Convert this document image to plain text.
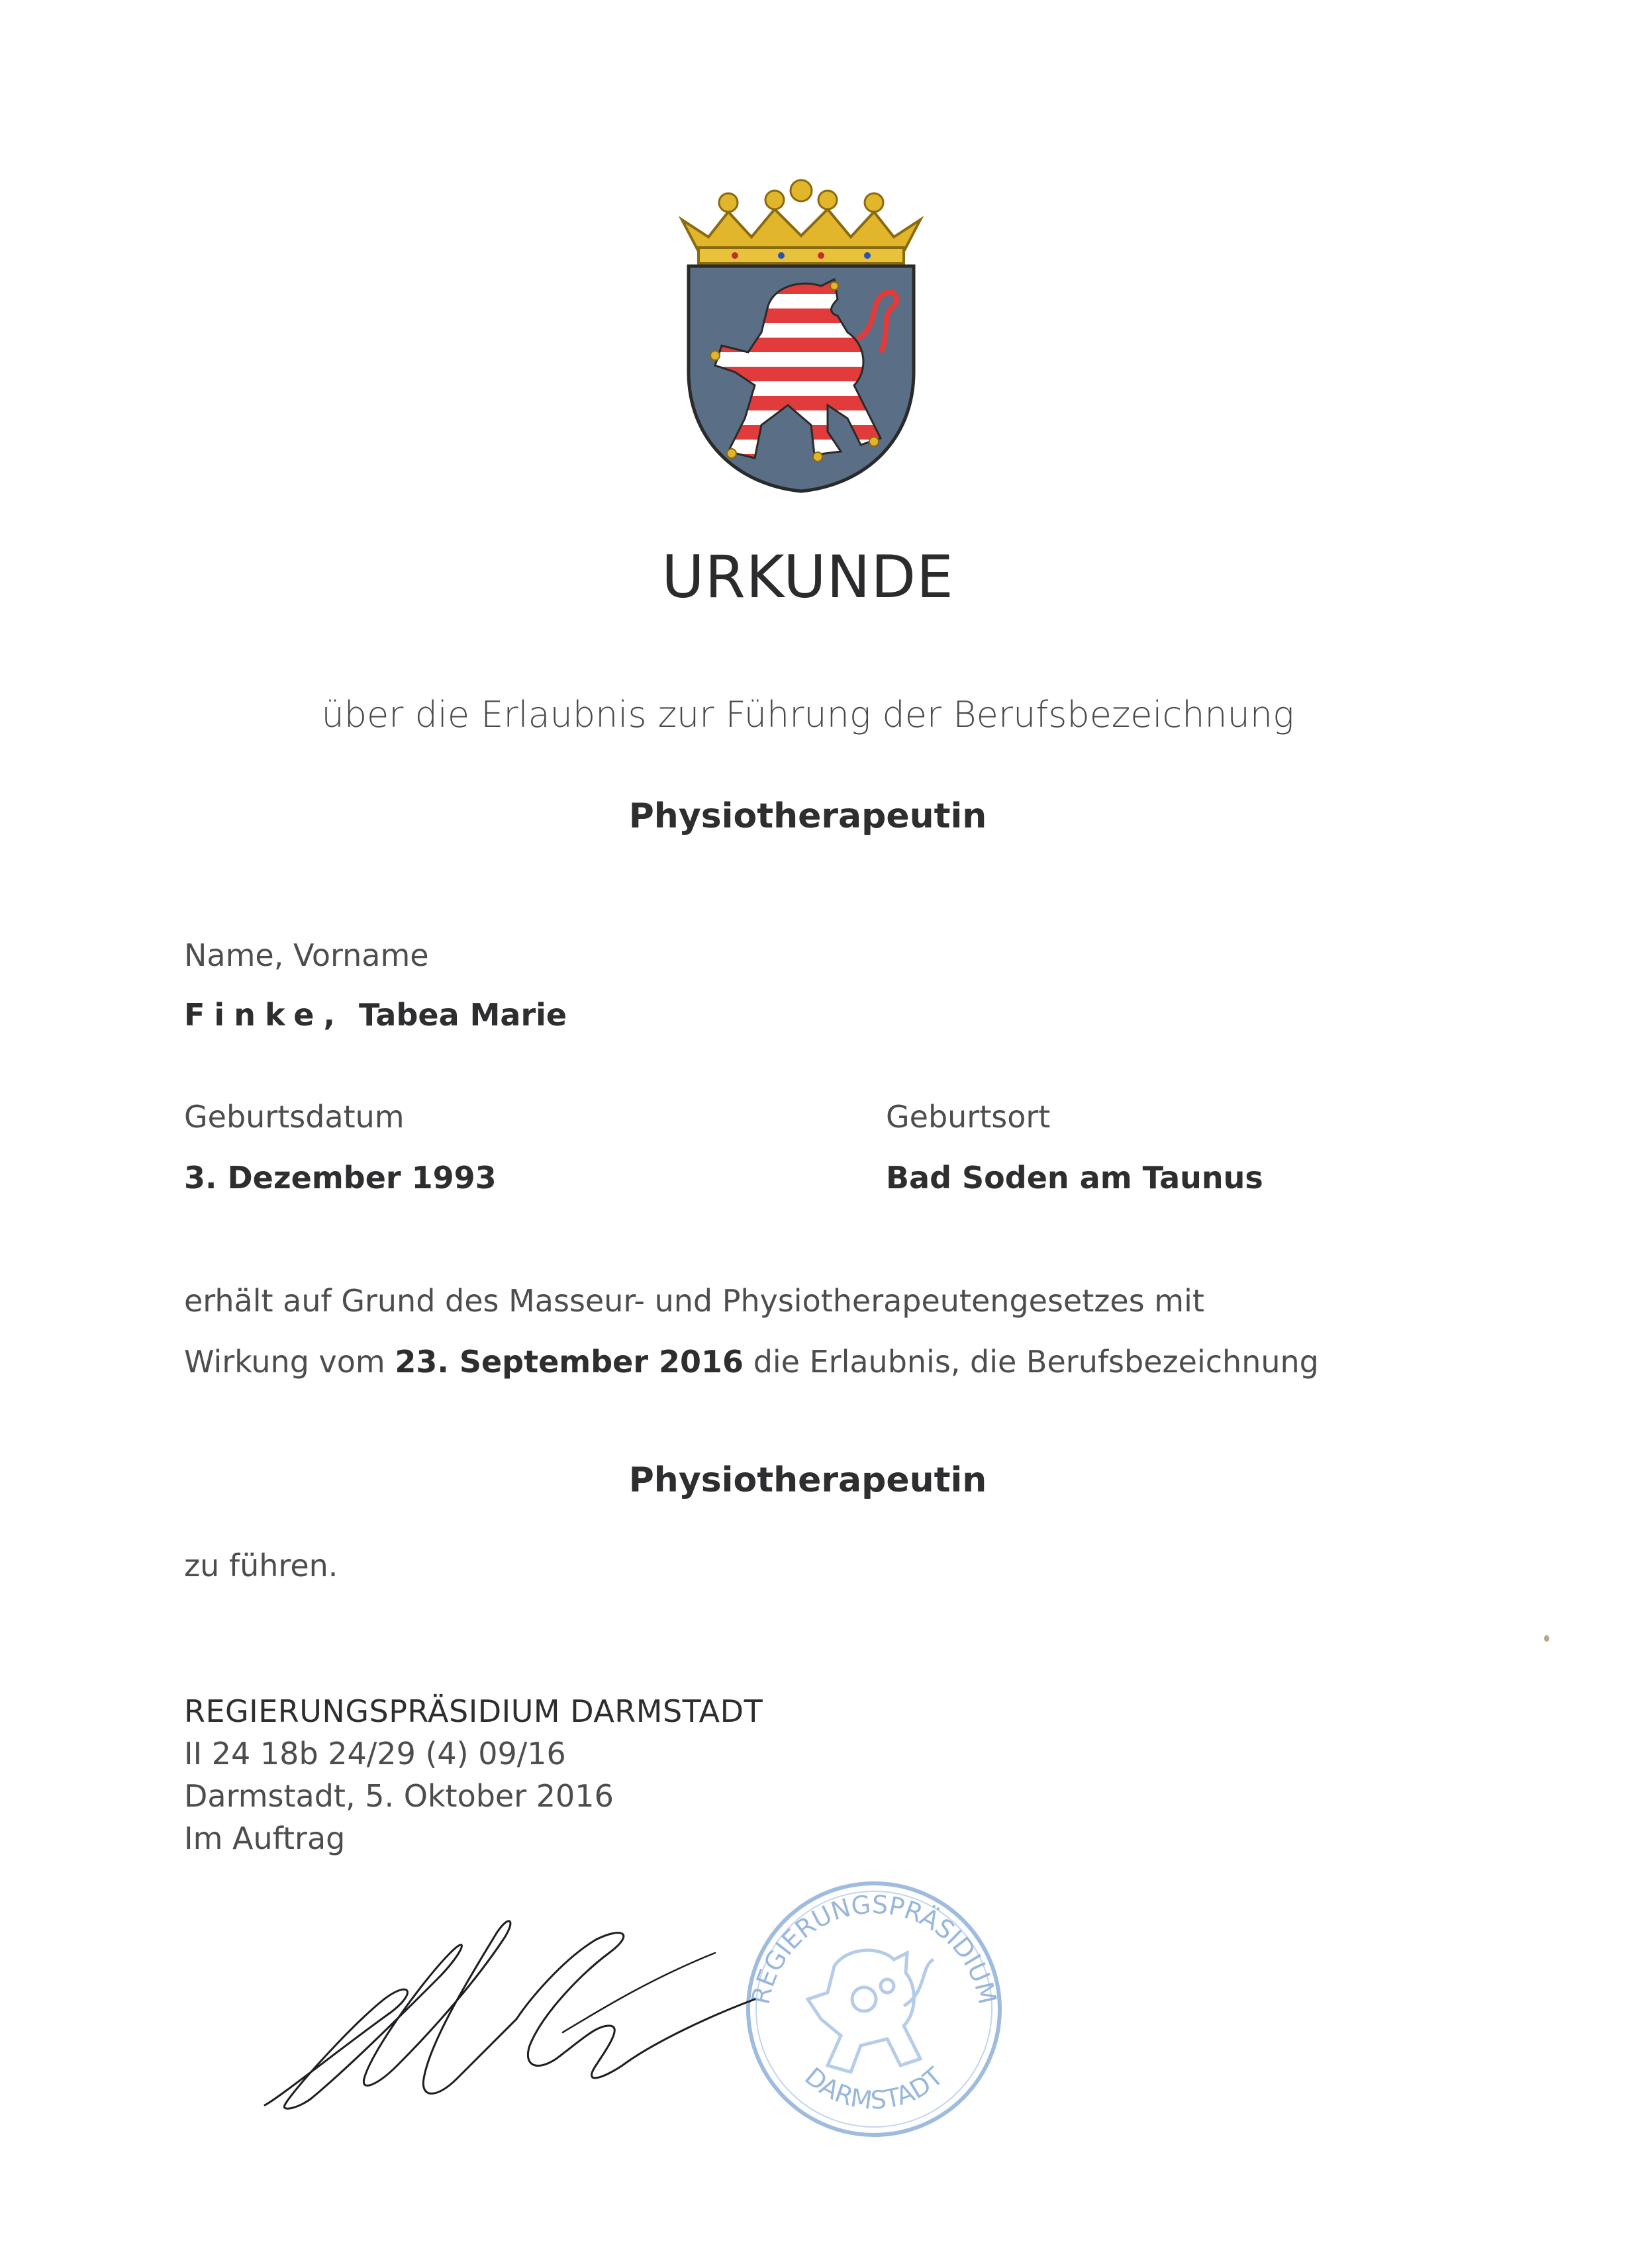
URKUNDE
über die Erlaubnis zur Führung der Berufsbezeichnung
Physiotherapeutin
Name, Vorname
Finke, Tabea Marie
Geburtsdatum
3. Dezember 1993
Geburtsort
Bad Soden am Taunus
erhält auf Grund des Masseur- und Physiotherapeutengesetzes mit
Wirkung vom 23. September 2016 die Erlaubnis, die Berufsbezeichnung
Physiotherapeutin
zu führen.
REGIERUNGSPRÄSIDIUM DARMSTADT
II 24 18b 24/29 (4) 09/16
Darmstadt, 5. Oktober 2016
Im Auftrag
REGIERUNGSPRÄSIDIUM
DARMSTADT
